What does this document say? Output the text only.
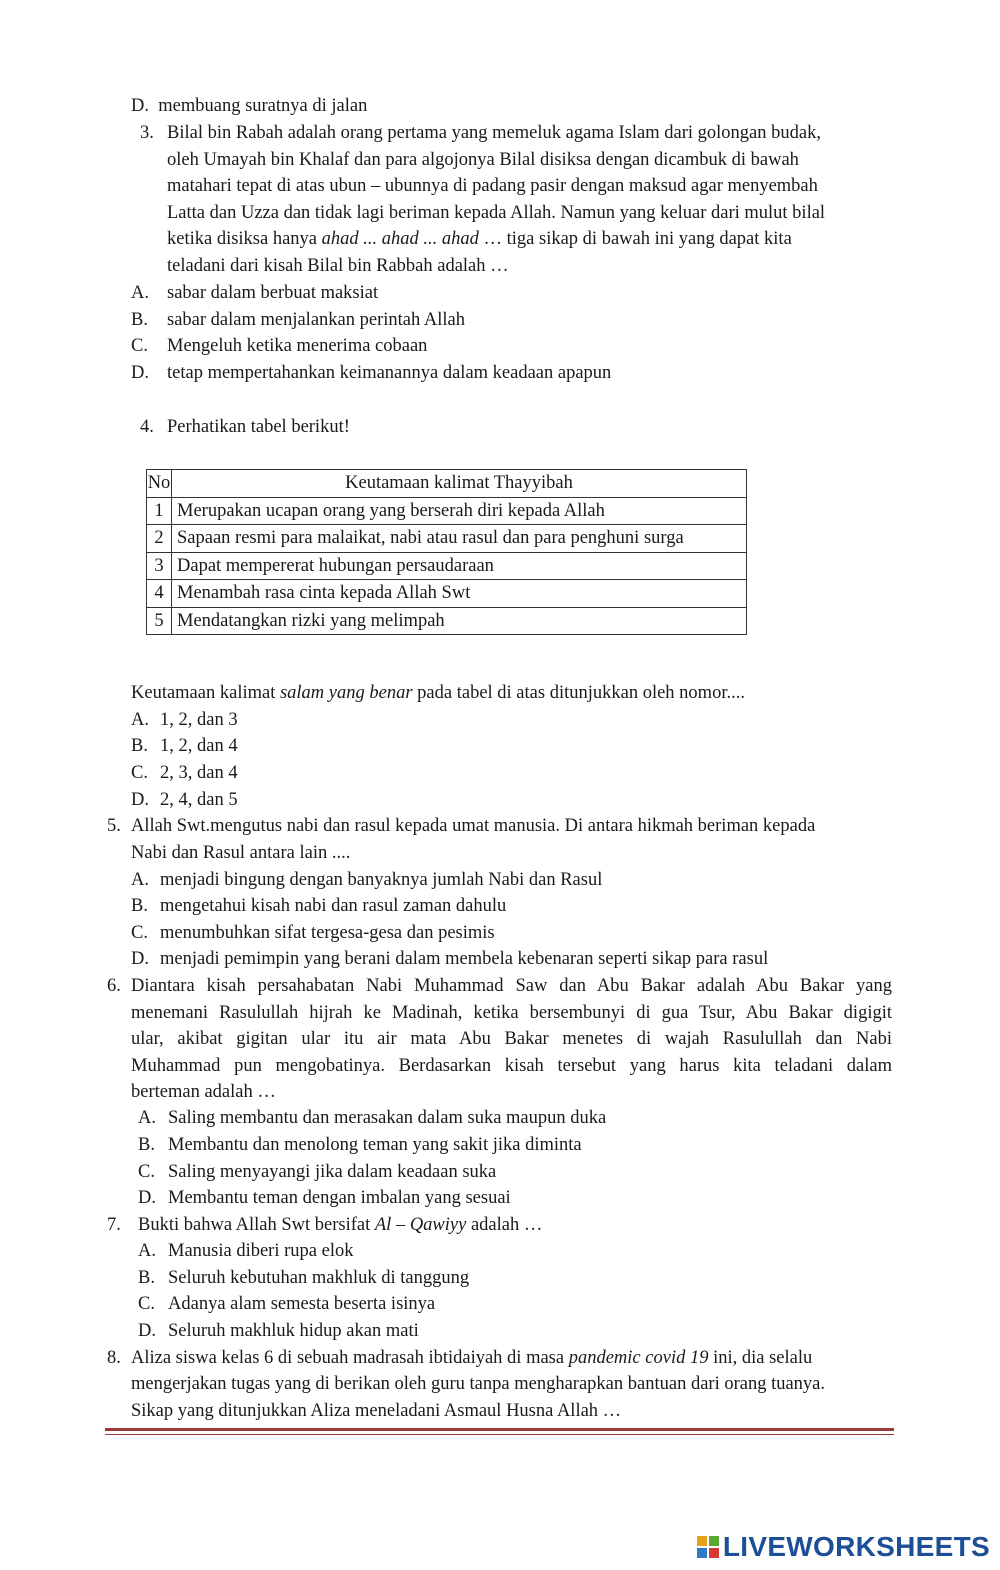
D. membuang suratnya di jalan
3. Bilal bin Rabah adalah orang pertama yang memeluk agama Islam dari golongan budak,
oleh Umayah bin Khalaf dan para algojonya Bilal disiksa dengan dicambuk di bawah
matahari tepat di atas ubun – ubunnya di padang pasir dengan maksud agar menyembah
Latta dan Uzza dan tidak lagi beriman kepada Allah. Namun yang keluar dari mulut bilal
ketika disiksa hanya ahad ... ahad ... ahad … tiga sikap di bawah ini yang dapat kita
teladani dari kisah Bilal bin Rabbah adalah …
A. sabar dalam berbuat maksiat
B. sabar dalam menjalankan perintah Allah
C. Mengeluh ketika menerima cobaan
D. tetap mempertahankan keimanannya dalam keadaan apapun
4. Perhatikan tabel berikut!
No	Keutamaan kalimat Thayyibah
1	Merupakan ucapan orang yang berserah diri kepada Allah
2	Sapaan resmi para malaikat, nabi atau rasul dan para penghuni surga
3	Dapat mempererat hubungan persaudaraan
4	Menambah rasa cinta kepada Allah Swt
5	Mendatangkan rizki yang melimpah
Keutamaan kalimat salam yang benar pada tabel di atas ditunjukkan oleh nomor....
A. 1, 2, dan 3
B. 1, 2, dan 4
C. 2, 3, dan 4
D. 2, 4, dan 5
5. Allah Swt.mengutus nabi dan rasul kepada umat manusia. Di antara hikmah beriman kepada
Nabi dan Rasul antara lain ....
A. menjadi bingung dengan banyaknya jumlah Nabi dan Rasul
B. mengetahui kisah nabi dan rasul zaman dahulu
C. menumbuhkan sifat tergesa-gesa dan pesimis
D. menjadi pemimpin yang berani dalam membela kebenaran seperti sikap para rasul
6. Diantara kisah persahabatan Nabi Muhammad Saw dan Abu Bakar adalah Abu Bakar yang
menemani Rasulullah hijrah ke Madinah, ketika bersembunyi di gua Tsur, Abu Bakar digigit
ular, akibat gigitan ular itu air mata Abu Bakar menetes di wajah Rasulullah dan Nabi
Muhammad pun mengobatinya. Berdasarkan kisah tersebut yang harus kita teladani dalam
berteman adalah …
A. Saling membantu dan merasakan dalam suka maupun duka
B. Membantu dan menolong teman yang sakit jika diminta
C. Saling menyayangi jika dalam keadaan suka
D. Membantu teman dengan imbalan yang sesuai
7. Bukti bahwa Allah Swt bersifat Al – Qawiyy adalah …
A. Manusia diberi rupa elok
B. Seluruh kebutuhan makhluk di tanggung
C. Adanya alam semesta beserta isinya
D. Seluruh makhluk hidup akan mati
8. Aliza siswa kelas 6 di sebuah madrasah ibtidaiyah di masa pandemic covid 19 ini, dia selalu
mengerjakan tugas yang di berikan oleh guru tanpa mengharapkan bantuan dari orang tuanya.
Sikap yang ditunjukkan Aliza meneladani Asmaul Husna Allah …
LIVEWORKSHEETS
